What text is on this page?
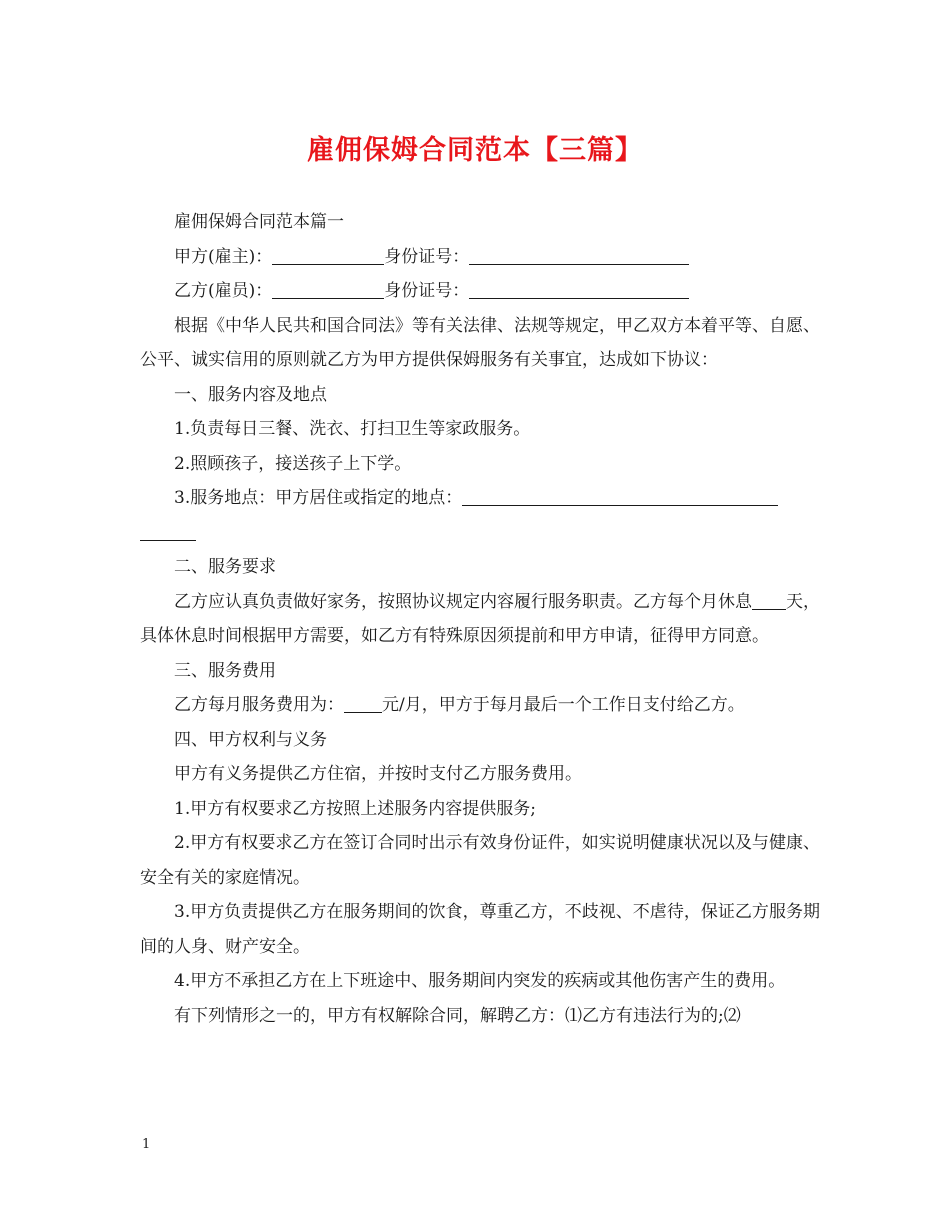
雇佣保姆合同范本【三篇】

雇佣保姆合同范本篇一

甲方(雇主)：	身份证号：

乙方(雇员)：	身份证号：

根据《中华人民共和国合同法》等有关法律、法规等规定，甲乙双方本着平等、自愿、公平、诚实信用的原则就乙方为甲方提供保姆服务有关事宜，达成如下协议：

一、服务内容及地点

1.负责每日三餐、洗衣、打扫卫生等家政服务。

2.照顾孩子，接送孩子上下学。

3.服务地点：甲方居住或指定的地点：

二、服务要求

乙方应认真负责做好家务，按照协议规定内容履行服务职责。乙方每个月休息 天，具体休息时间根据甲方需要，如乙方有特殊原因须提前和甲方申请，征得甲方同意。

三、服务费用

乙方每月服务费用为： 元/月，甲方于每月最后一个工作日支付给乙方。

四、甲方权利与义务

甲方有义务提供乙方住宿，并按时支付乙方服务费用。

1.甲方有权要求乙方按照上述服务内容提供服务;

2.甲方有权要求乙方在签订合同时出示有效身份证件，如实说明健康状况以及与健康、安全有关的家庭情况。

3.甲方负责提供乙方在服务期间的饮食，尊重乙方，不歧视、不虐待，保证乙方服务期间的人身、财产安全。

4.甲方不承担乙方在上下班途中、服务期间内突发的疾病或其他伤害产生的费用。

有下列情形之一的，甲方有权解除合同，解聘乙方：⑴乙方有违法行为的;⑵

1
